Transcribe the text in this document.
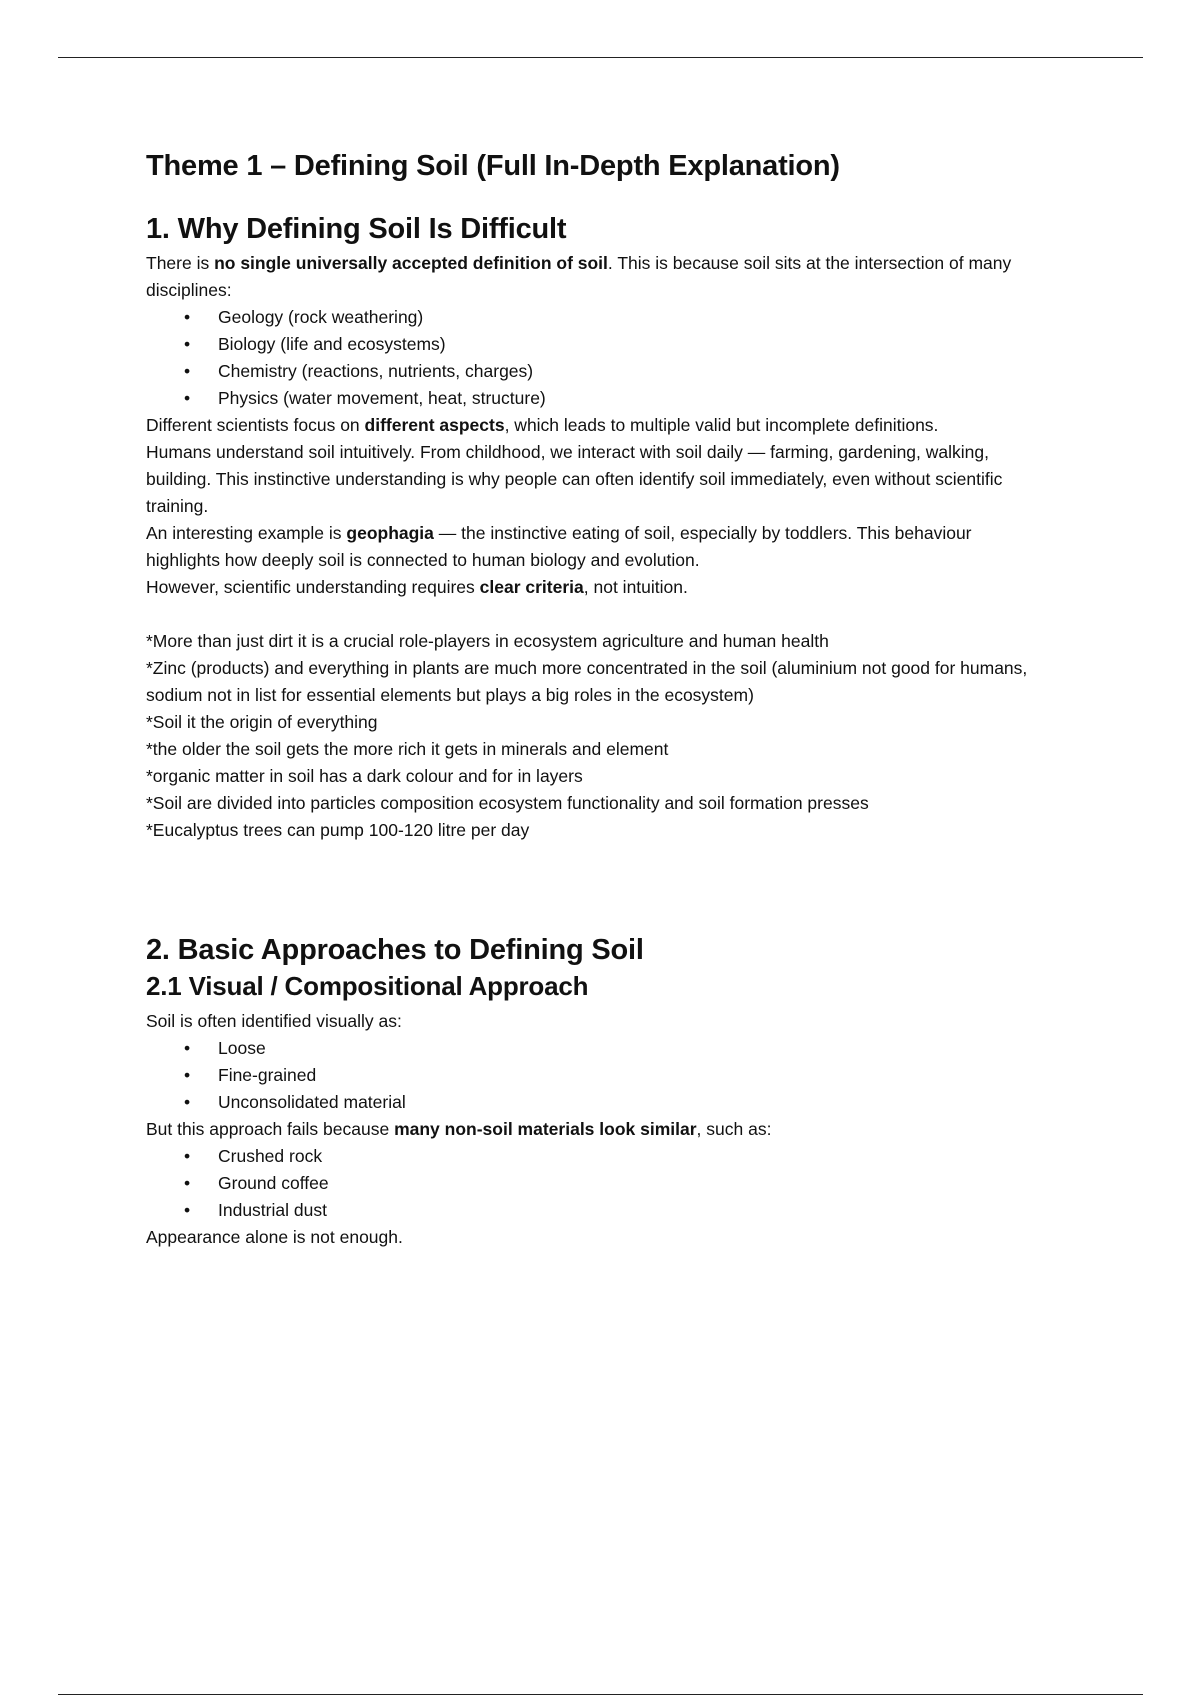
Theme 1 – Defining Soil (Full In-Depth Explanation)
1. Why Defining Soil Is Difficult

There is no single universally accepted definition of soil. This is because soil sits at the intersection of many disciplines:

• Geology (rock weathering)
• Biology (life and ecosystems)
• Chemistry (reactions, nutrients, charges)
• Physics (water movement, heat, structure)

Different scientists focus on different aspects, which leads to multiple valid but incomplete definitions.

Humans understand soil intuitively. From childhood, we interact with soil daily — farming, gardening, walking, building. This instinctive understanding is why people can often identify soil immediately, even without scientific training.

An interesting example is geophagia — the instinctive eating of soil, especially by toddlers. This behaviour highlights how deeply soil is connected to human biology and evolution.

However, scientific understanding requires clear criteria, not intuition.

*More than just dirt it is a crucial role-players in ecosystem agriculture and human health

*Zinc (products) and everything in plants are much more concentrated in the soil (aluminium not good for humans, sodium not in list for essential elements but plays a big roles in the ecosystem)

*Soil it the origin of everything

*the older the soil gets the more rich it gets in minerals and element

*organic matter in soil has a dark colour and for in layers

*Soil are divided into particles composition ecosystem functionality and soil formation presses

*Eucalyptus trees can pump 100-120 litre per day

2. Basic Approaches to Defining Soil
2.1 Visual / Compositional Approach

Soil is often identified visually as:

• Loose
• Fine-grained
• Unconsolidated material

But this approach fails because many non-soil materials look similar, such as:

• Crushed rock
• Ground coffee
• Industrial dust

Appearance alone is not enough.
